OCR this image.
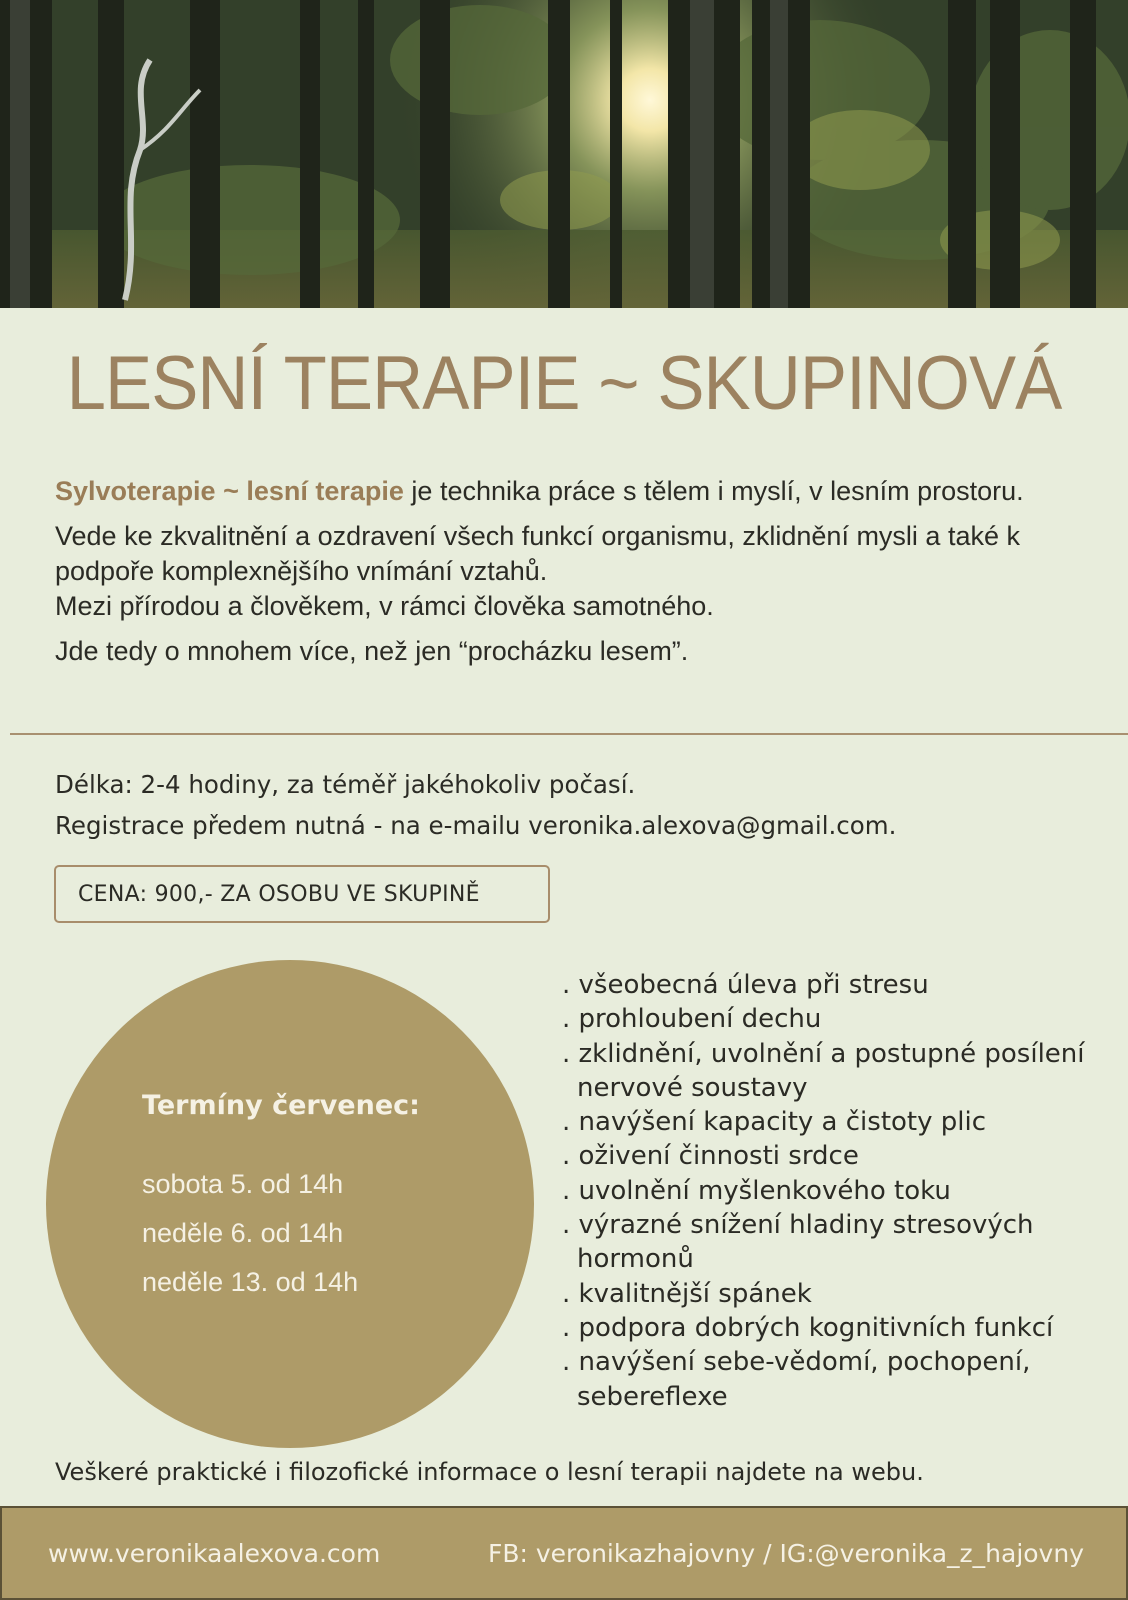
LESNÍ TERAPIE ~ SKUPINOVÁ

Sylvoterapie ~ lesní terapie je technika práce s tělem i myslí, v lesním prostoru.

Vede ke zkvalitnění a ozdravení všech funkcí organismu, zklidnění mysli a také k podpoře komplexnějšího vnímání vztahů.
Mezi přírodou a člověkem, v rámci člověka samotného.

Jde tedy o mnohem více, než jen “procházku lesem”.

Délka: 2-4 hodiny, za téměř jakéhokoliv počasí.
Registrace předem nutná - na e-mailu veronika.alexova@gmail.com.
CENA: 900,- ZA OSOBU VE SKUPINĚ
Termíny červenec:
sobota 5. od 14h
neděle 6. od 14h
neděle 13. od 14h
. všeobecná úleva při stresu
. prohloubení dechu
. zklidnění, uvolnění a postupné posílení nervové soustavy
. navýšení kapacity a čistoty plic
. oživení činnosti srdce
. uvolnění myšlenkového toku
. výrazné snížení hladiny stresových hormonů
. kvalitnější spánek
. podpora dobrých kognitivních funkcí
. navýšení sebe-vědomí, pochopení, sebereflexe
Veškeré praktické i filozofické informace o lesní terapii najdete na webu.
www.veronikaalexova.com	FB: veronikazhajovny / IG:@veronika_z_hajovny
